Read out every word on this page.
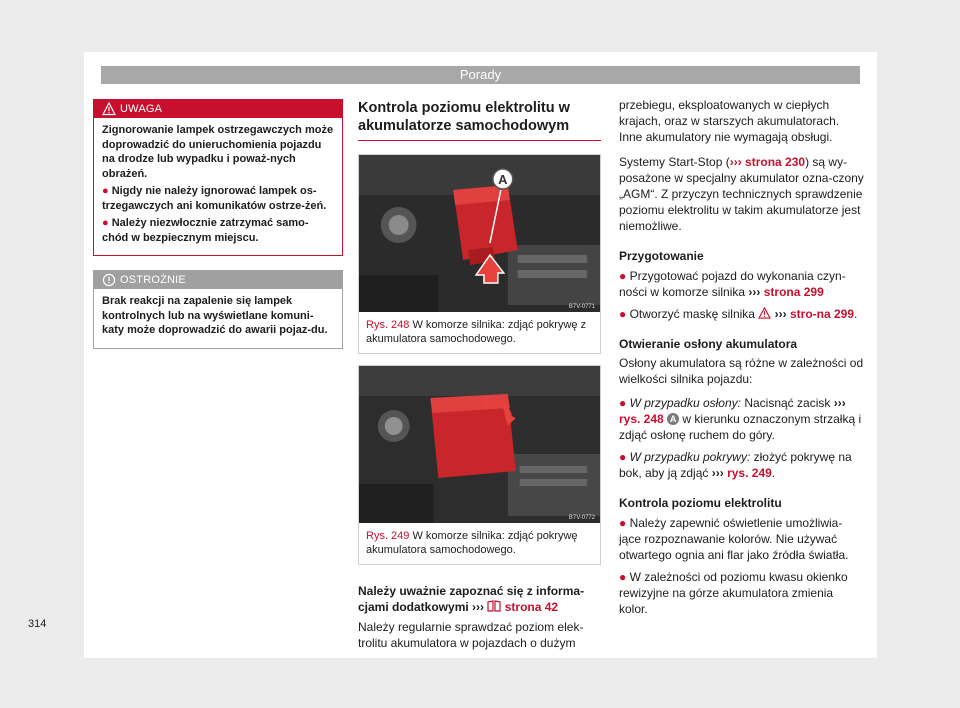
Porady
314
UWAGA

Zignorowanie lampek ostrzegawczych może doprowadzić do unieruchomienia pojazdu na drodze lub wypadku i poważ-nych obrażeń.

● Nigdy nie należy ignorować lampek os-trzegawczych ani komunikatów ostrze-żeń.

● Należy niezwłocznie zatrzymać samo-chód w bezpiecznym miejscu.

OSTROŻNIE

Brak reakcji na zapalenie się lampek kontrolnych lub na wyświetlane komuni-katy może doprowadzić do awarii pojaz-du.

Kontrola poziomu elektrolitu w akumulatorze samochodowym
A
B7V-0771
Rys. 248 W komorze silnika: zdjąć pokrywę z akumulatora samochodowego.
B7V-0772
Rys. 249 W komorze silnika: zdjąć pokrywę akumulatora samochodowego.
Należy uważnie zapoznać się z informa-cjami dodatkowymi ››› strona 42
Należy regularnie sprawdzać poziom elek-trolitu akumulatora w pojazdach o dużym
przebiegu, eksploatowanych w ciepłych krajach, oraz w starszych akumulatorach. Inne akumulatory nie wymagają obsługi.
Systemy Start-Stop (››› strona 230) są wy-posażone w specjalny akumulator ozna-czony „AGM“. Z przyczyn technicznych sprawdzenie poziomu elektrolitu w takim akumulatorze jest niemożliwe.
Przygotowanie
● Przygotować pojazd do wykonania czyn-ności w komorze silnika ››› strona 299
● Otworzyć maskę silnika ››› stro-na 299.
Otwieranie osłony akumulatora
Osłony akumulatora są różne w zależności od wielkości silnika pojazdu:
● W przypadku osłony: Nacisnąć zacisk ››› rys. 248 A w kierunku oznaczonym strzałką i zdjąć osłonę ruchem do góry.
● W przypadku pokrywy: złożyć pokrywę na bok, aby ją zdjąć ››› rys. 249.
Kontrola poziomu elektrolitu
● Należy zapewnić oświetlenie umożliwia-jące rozpoznawanie kolorów. Nie używać otwartego ognia ani flar jako źródła światła.
● W zależności od poziomu kwasu okienko rewizyjne na górze akumulatora zmienia kolor.
